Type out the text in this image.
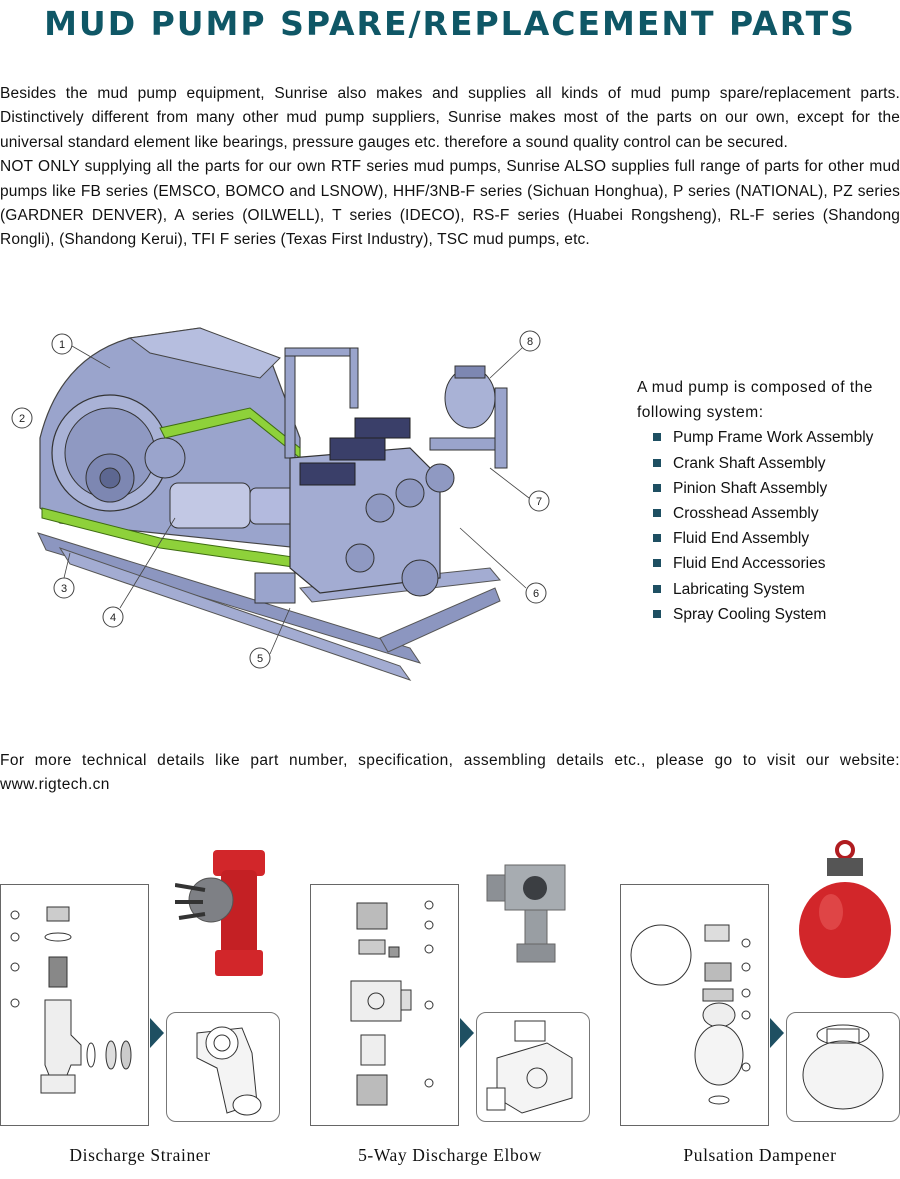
MUD PUMP SPARE/REPLACEMENT PARTS

Besides the mud pump equipment, Sunrise also makes and supplies all kinds of mud pump spare/replacement parts. Distinctively different from many other mud pump suppliers, Sunrise makes most of the parts on our own, except for the universal standard element like bearings, pressure gauges etc. therefore a sound quality control can be secured.

NOT ONLY supplying all the parts for our own RTF series mud pumps, Sunrise ALSO supplies full range of parts for other mud pumps like FB series (EMSCO, BOMCO and LSNOW), HHF/3NB-F series (Sichuan Honghua), P series (NATIONAL), PZ series (GARDNER DENVER), A series (OILWELL), T series (IDECO), RS-F series (Huabei Rongsheng), RL-F series (Shandong Rongli), (Shandong Kerui), TFI F series (Texas First Industry), TSC mud pumps, etc.

1
2
3
4
5
6
7
8

A mud pump is composed of the following system:

Pump Frame Work Assembly
Crank Shaft Assembly
Pinion Shaft Assembly
Crosshead Assembly
Fluid End Assembly
Fluid End Accessories
Labricating System
Spray Cooling System

For more technical details like part number, specification, assembling details etc., please go to visit our website: www.rigtech.cn

Discharge Strainer	5-Way Discharge Elbow	Pulsation Dampener
